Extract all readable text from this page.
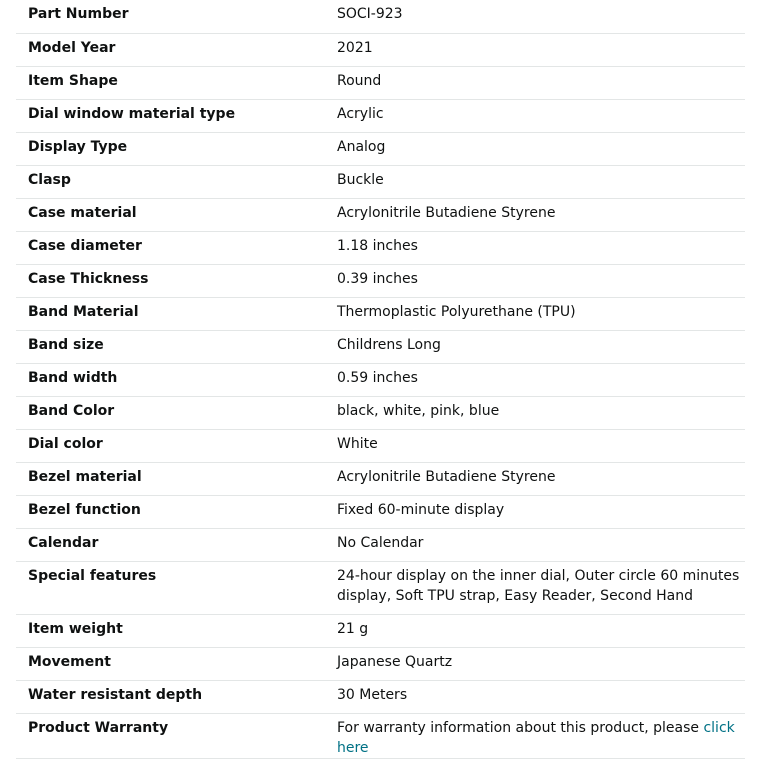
Part Number	SOCI-923
Model Year	2021
Item Shape	Round
Dial window material type	Acrylic
Display Type	Analog
Clasp	Buckle
Case material	Acrylonitrile Butadiene Styrene
Case diameter	1.18 inches
Case Thickness	0.39 inches
Band Material	Thermoplastic Polyurethane (TPU)
Band size	Childrens Long
Band width	0.59 inches
Band Color	black, white, pink, blue
Dial color	White
Bezel material	Acrylonitrile Butadiene Styrene
Bezel function	Fixed 60-minute display
Calendar	No Calendar
Special features	24-hour display on the inner dial, Outer circle 60 minutes display, Soft TPU strap, Easy Reader, Second Hand
Item weight	21 g
Movement	Japanese Quartz
Water resistant depth	30 Meters
Product Warranty	For warranty information about this product, please click here
